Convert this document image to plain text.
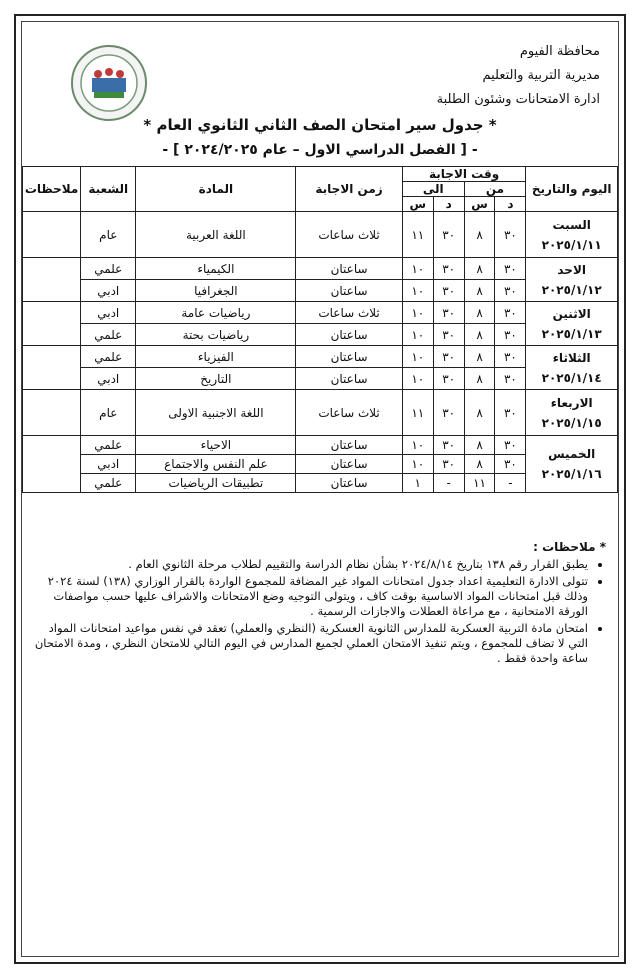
محافظة الفيوم
مديرية التربية والتعليم
ادارة الامتحانات وشئون الطلبة
* جدول سير امتحان الصف الثاني الثانوي العام *
- [ الفصل الدراسي الاول – عام ٢٠٢٤/٢٠٢٥ ] -
اليوم والتاريخ	وقت الاجابة				زمن الاجابة	المادة	الشعبة	ملاحظات
	من		الى					
	د	س	د	س				

السبت
٢٠٢٥/١/١١	٣٠	٨	٣٠	١١	ثلاث ساعات	اللغة العربية	عام	

الاحد
٢٠٢٥/١/١٢	٣٠	٨	٣٠	١٠	ساعتان	الكيمياء	علمي	
	٣٠	٨	٣٠	١٠	ساعتان	الجغرافيا	ادبي	

الاثنين
٢٠٢٥/١/١٣	٣٠	٨	٣٠	١٠	ثلاث ساعات	رياضيات عامة	ادبي	
	٣٠	٨	٣٠	١٠	ساعتان	رياضيات بحتة	علمي	

الثلاثاء
٢٠٢٥/١/١٤	٣٠	٨	٣٠	١٠	ساعتان	الفيزياء	علمي	
	٣٠	٨	٣٠	١٠	ساعتان	التاريخ	ادبي	

الاربعاء
٢٠٢٥/١/١٥	٣٠	٨	٣٠	١١	ثلاث ساعات	اللغة الاجنبية الاولى	عام	

الخميس
٢٠٢٥/١/١٦	٣٠	٨	٣٠	١٠	ساعتان	الاحياء	علمي	
	٣٠	٨	٣٠	١٠	ساعتان	علم النفس والاجتماع	ادبي	
	-	١١	-	١	ساعتان	تطبيقات الرياضيات	علمي	
* ملاحظات :
• يطبق القرار رقم ١٣٨ بتاريخ ٢٠٢٤/٨/١٤ بشأن نظام الدراسة والتقييم لطلاب مرحلة الثانوي العام .
• تتولى الادارة التعليمية اعداد جدول امتحانات المواد غير المضافة للمجموع الواردة بالقرار الوزاري (١٣٨) لسنة ٢٠٢٤ وذلك قبل امتحانات المواد الاساسية بوقت كاف ، ويتولى التوجيه وضع الامتحانات والاشراف عليها حسب مواصفات الورقة الامتحانية ، مع مراعاة العطلات والاجازات الرسمية .
• امتحان مادة التربية العسكرية للمدارس الثانوية العسكرية (النظري والعملي) تعقد في نفس مواعيد امتحانات المواد التي لا تضاف للمجموع ، ويتم تنفيذ الامتحان العملي لجميع المدارس في اليوم التالي للامتحان النظري ، ومدة الامتحان ساعة واحدة فقط .
